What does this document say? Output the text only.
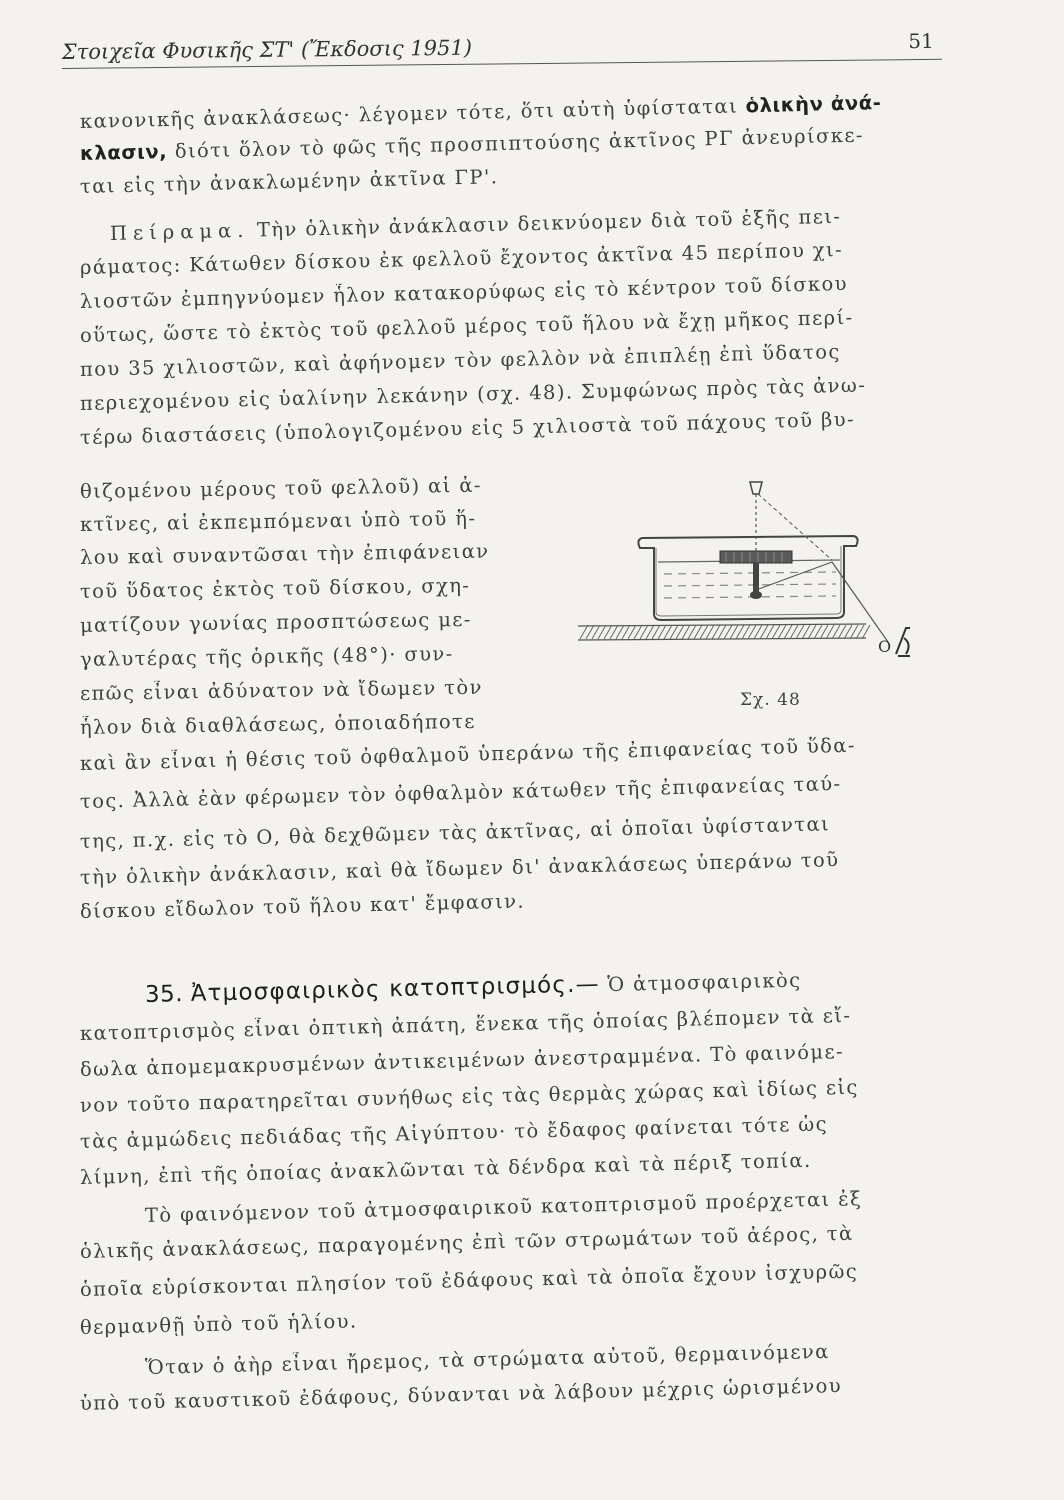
Στοιχεῖα Φυσικῆς ΣΤ' (Ἔκδοσις 1951)	51
κανονικῆς ἀνακλάσεως· λέγομεν τότε, ὅτι αὐτὴ ὑφίσταται ὁλικὴν ἀνά-
κλασιν, διότι ὅλον τὸ φῶς τῆς προσπιπτούσης ἀκτῖνος ΡΓ ἀνευρίσκε-
ται εἰς τὴν ἀνακλωμένην ἀκτῖνα ΓΡ'.
Πείραμα. Τὴν ὁλικὴν ἀνάκλασιν δεικνύομεν διὰ τοῦ ἑξῆς πει-
ράματος: Κάτωθεν δίσκου ἐκ φελλοῦ ἔχοντος ἀκτῖνα 45 περίπου χι-
λιοστῶν ἐμπηγνύομεν ἧλον κατακορύφως εἰς τὸ κέντρον τοῦ δίσκου
οὕτως, ὥστε τὸ ἐκτὸς τοῦ φελλοῦ μέρος τοῦ ἥλου νὰ ἔχῃ μῆκος περί-
που 35 χιλιοστῶν, καὶ ἀφήνομεν τὸν φελλὸν νὰ ἐπιπλέῃ ἐπὶ ὕδατος
περιεχομένου εἰς ὑαλίνην λεκάνην (σχ. 48). Συμφώνως πρὸς τὰς ἀνω-
τέρω διαστάσεις (ὑπολογιζομένου εἰς 5 χιλιοστὰ τοῦ πάχους τοῦ βυ-
θιζομένου μέρους τοῦ φελλοῦ) αἱ ἀ-
κτῖνες, αἱ ἐκπεμπόμεναι ὑπὸ τοῦ ἥ-
λου καὶ συναντῶσαι τὴν ἐπιφάνειαν
τοῦ ὕδατος ἐκτὸς τοῦ δίσκου, σχη-
ματίζουν γωνίας προσπτώσεως με-
γαλυτέρας τῆς ὁρικῆς (48°)· συν-
επῶς εἶναι ἀδύνατον νὰ ἴδωμεν τὸν
ἧλον διὰ διαθλάσεως, ὁποιαδήποτε
καὶ ἂν εἶναι ἡ θέσις τοῦ ὀφθαλμοῦ ὑπεράνω τῆς ἐπιφανείας τοῦ ὕδα-
τος. Ἀλλὰ ἐὰν φέρωμεν τὸν ὀφθαλμὸν κάτωθεν τῆς ἐπιφανείας ταύ-
της, π.χ. εἰς τὸ Ο, θὰ δεχθῶμεν τὰς ἀκτῖνας, αἱ ὁποῖαι ὑφίστανται
τὴν ὁλικὴν ἀνάκλασιν, καὶ θὰ ἴδωμεν δι' ἀνακλάσεως ὑπεράνω τοῦ
δίσκου εἴδωλον τοῦ ἥλου κατ' ἔμφασιν.
35. Ἀτμοσφαιρικὸς κατοπτρισμός.— Ὁ ἀτμοσφαιρικὸς
κατοπτρισμὸς εἶναι ὀπτικὴ ἀπάτη, ἕνεκα τῆς ὁποίας βλέπομεν τὰ εἴ-
δωλα ἀπομεμακρυσμένων ἀντικειμένων ἀνεστραμμένα. Τὸ φαινόμε-
νον τοῦτο παρατηρεῖται συνήθως εἰς τὰς θερμὰς χώρας καὶ ἰδίως εἰς
τὰς ἀμμώδεις πεδιάδας τῆς Αἰγύπτου· τὸ ἔδαφος φαίνεται τότε ὡς
λίμνη, ἐπὶ τῆς ὁποίας ἀνακλῶνται τὰ δένδρα καὶ τὰ πέριξ τοπία.
Τὸ φαινόμενον τοῦ ἀτμοσφαιρικοῦ κατοπτρισμοῦ προέρχεται ἐξ
ὁλικῆς ἀνακλάσεως, παραγομένης ἐπὶ τῶν στρωμάτων τοῦ ἀέρος, τὰ
ὁποῖα εὑρίσκονται πλησίον τοῦ ἐδάφους καὶ τὰ ὁποῖα ἔχουν ἰσχυρῶς
θερμανθῇ ὑπὸ τοῦ ἡλίου.
Ὅταν ὁ ἀὴρ εἶναι ἤρεμος, τὰ στρώματα αὐτοῦ, θερμαινόμενα
ὑπὸ τοῦ καυστικοῦ ἐδάφους, δύνανται νὰ λάβουν μέχρις ὡρισμένου
O
Σχ. 48
